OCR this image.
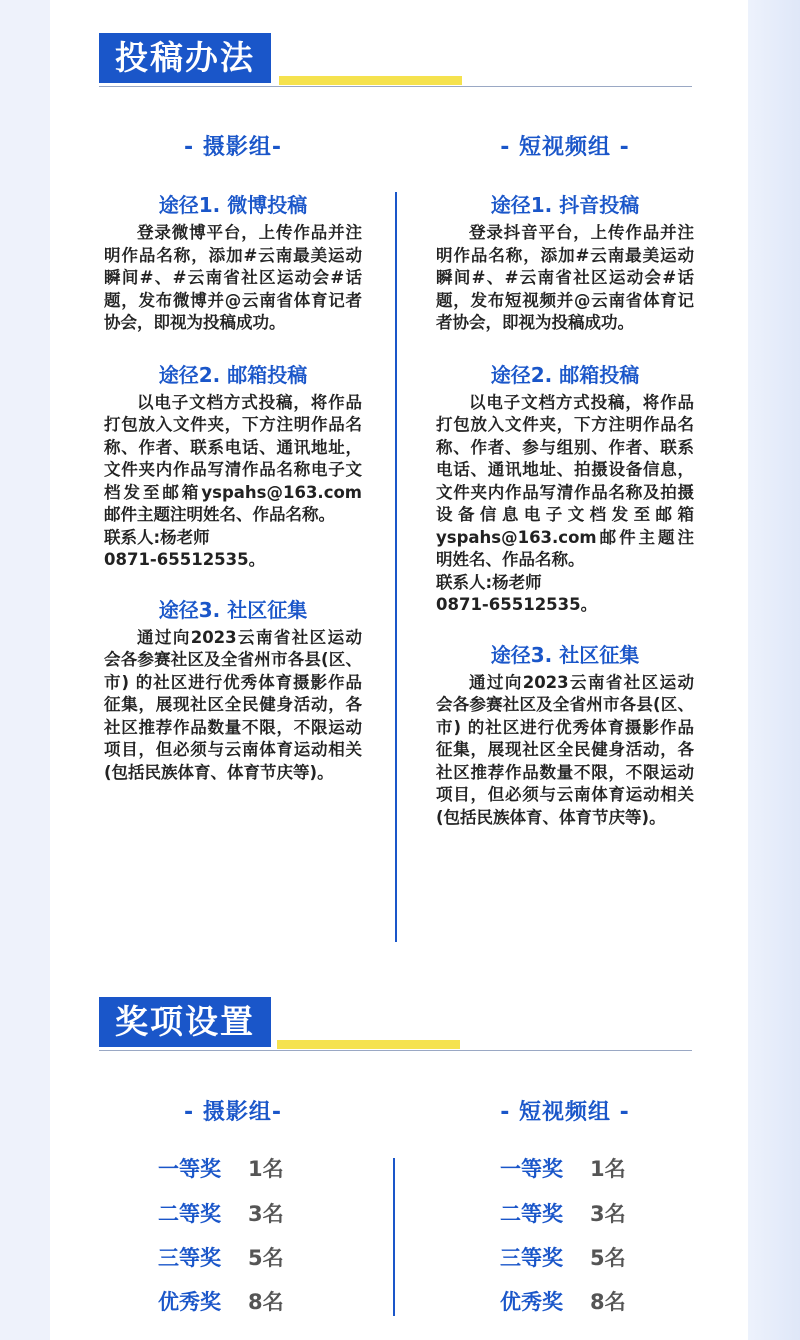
投稿办法
- 摄影组-
途径1. 微博投稿
登录微博平台，上传作品并注明作品名称，添加#云南最美运动瞬间#、#云南省社区运动会#话题，发布微博并@云南省体育记者协会，即视为投稿成功。
途径2. 邮箱投稿
以电子文档方式投稿，将作品打包放入文件夹，下方注明作品名称、作者、联系电话、通讯地址，文件夹内作品写清作品名称电子文档发至邮箱yspahs@163.com邮件主题注明姓名、作品名称。
联系人:杨老师
0871-65512535。
途径3. 社区征集
通过向2023云南省社区运动会各参赛社区及全省州市各县(区、市) 的社区进行优秀体育摄影作品征集，展现社区全民健身活动，各社区推荐作品数量不限，不限运动项目，但必须与云南体育运动相关 (包括民族体育、体育节庆等)。
- 短视频组 -
途径1. 抖音投稿
登录抖音平台，上传作品并注明作品名称，添加#云南最美运动瞬间#、#云南省社区运动会#话题，发布短视频并@云南省体育记者协会，即视为投稿成功。
途径2. 邮箱投稿
以电子文档方式投稿，将作品打包放入文件夹，下方注明作品名称、作者、参与组别、作者、联系电话、通讯地址、拍摄设备信息，文件夹内作品写清作品名称及拍摄设备信息电子文档发至邮箱 yspahs@163.com邮件主题注明姓名、作品名称。
联系人:杨老师
0871-65512535。
途径3. 社区征集
通过向2023云南省社区运动会各参赛社区及全省州市各县(区、市) 的社区进行优秀体育摄影作品征集，展现社区全民健身活动，各社区推荐作品数量不限，不限运动项目，但必须与云南体育运动相关 (包括民族体育、体育节庆等)。
奖项设置
- 摄影组-	- 短视频组 -
一等奖 1名
二等奖 3名
三等奖 5名
优秀奖 8名
一等奖 1名
二等奖 3名
三等奖 5名
优秀奖 8名
